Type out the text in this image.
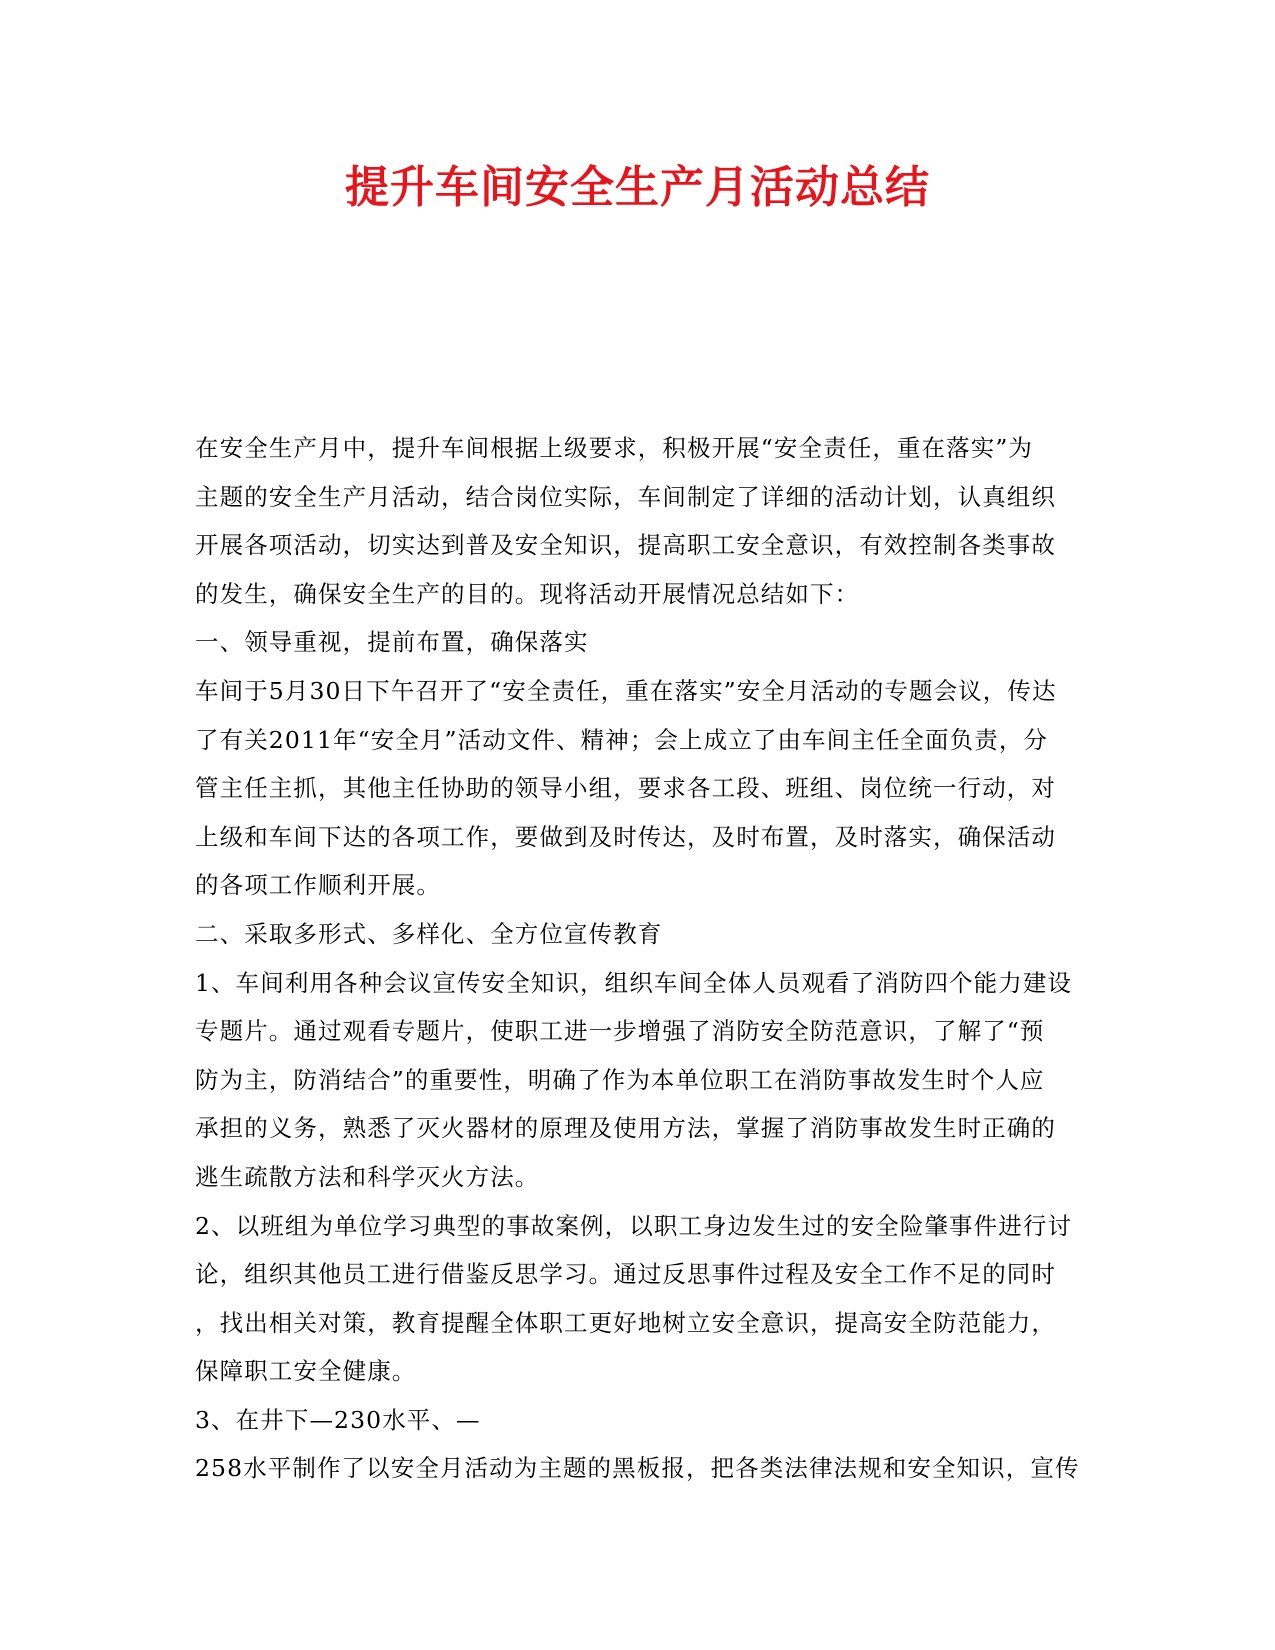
提升车间安全生产月活动总结
在安全生产月中，提升车间根据上级要求，积极开展“安全责任，重在落实”为
主题的安全生产月活动，结合岗位实际，车间制定了详细的活动计划，认真组织
开展各项活动，切实达到普及安全知识，提高职工安全意识，有效控制各类事故
的发生，确保安全生产的目的。现将活动开展情况总结如下：
一、领导重视，提前布置，确保落实
车间于5月30日下午召开了“安全责任，重在落实”安全月活动的专题会议，传达
了有关2011年“安全月”活动文件、精神；会上成立了由车间主任全面负责，分
管主任主抓，其他主任协助的领导小组，要求各工段、班组、岗位统一行动，对
上级和车间下达的各项工作，要做到及时传达，及时布置，及时落实，确保活动
的各项工作顺利开展。
二、采取多形式、多样化、全方位宣传教育
1、车间利用各种会议宣传安全知识，组织车间全体人员观看了消防四个能力建设
专题片。通过观看专题片，使职工进一步增强了消防安全防范意识，了解了“预
防为主，防消结合”的重要性，明确了作为本单位职工在消防事故发生时个人应
承担的义务，熟悉了灭火器材的原理及使用方法，掌握了消防事故发生时正确的
逃生疏散方法和科学灭火方法。
2、以班组为单位学习典型的事故案例，以职工身边发生过的安全险肇事件进行讨
论，组织其他员工进行借鉴反思学习。通过反思事件过程及安全工作不足的同时
，找出相关对策，教育提醒全体职工更好地树立安全意识，提高安全防范能力，
保障职工安全健康。
3、在井下—230水平、—
258水平制作了以安全月活动为主题的黑板报，把各类法律法规和安全知识，宣传
